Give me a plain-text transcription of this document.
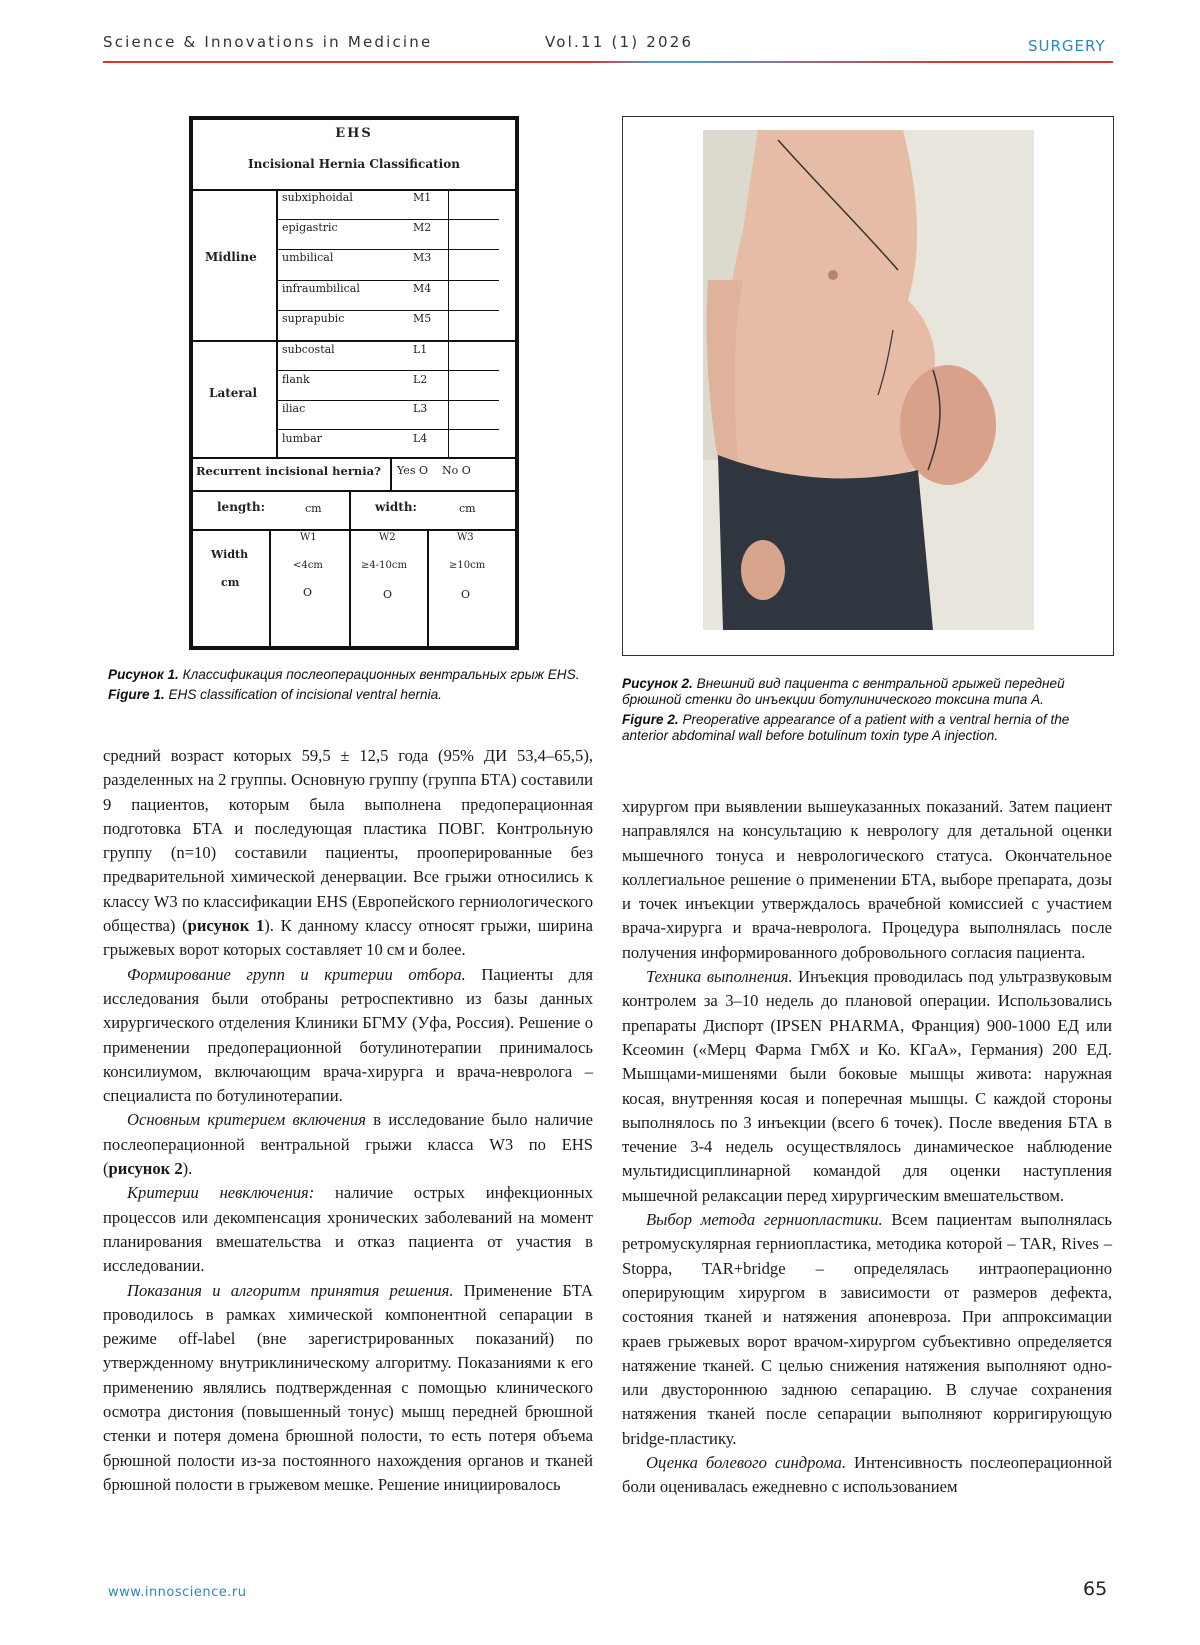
Science & Innovations in Medicine	Vol.11 (1) 2026	SURGERY
EHS
Incisional Hernia Classification
Midline
subxiphoidal	M1
epigastric	M2
umbilical	M3
infraumbilical	M4
suprapubic	M5
Lateral
subcostal	L1
flank	L2
iliac	L3
lumbar	L4
Recurrent incisional hernia? Yes O    No O
length:	cm	width:	cm
Width
cm
W1
<4cm
O
W2
≥4-10cm
O
W3
≥10cm
O
Рисунок 1. Классификация послеоперационных вентральных грыж EHS.
Figure 1. EHS classification of incisional ventral hernia.
Рисунок 2. Внешний вид пациента с вентральной грыжей передней брюшной стенки до инъекции ботулинического токсина типа А.
Figure 2. Preoperative appearance of a patient with a ventral hernia of the anterior abdominal wall before botulinum toxin type A injection.

средний возраст которых 59,5 ± 12,5 года (95% ДИ 53,4–65,5), разделенных на 2 группы. Основную группу (группа БТА) составили 9 пациентов, которым была выполнена предоперационная подготовка БТА и последующая пластика ПОВГ. Контрольную группу (n=10) составили пациенты, прооперированные без предварительной химической денервации. Все грыжи относились к классу W3 по классификации EHS (Европейского герниологического общества) (рисунок 1). К данному классу относят грыжи, ширина грыжевых ворот которых составляет 10 см и более.

Формирование групп и критерии отбора. Пациенты для исследования были отобраны ретроспективно из базы данных хирургического отделения Клиники БГМУ (Уфа, Россия). Решение о применении предоперационной ботулинотерапии принималось консилиумом, включающим врача-хирурга и врача-невролога – специалиста по ботулинотерапии.

Основным критерием включения в исследование было наличие послеоперационной вентральной грыжи класса W3 по EHS (рисунок 2).

Критерии невключения: наличие острых инфекционных процессов или декомпенсация хронических заболеваний на момент планирования вмешательства и отказ пациента от участия в исследовании.

Показания и алгоритм принятия решения. Применение БТА проводилось в рамках химической компонентной сепарации в режиме off-label (вне зарегистрированных показаний) по утвержденному внутриклиническому алгоритму. Показаниями к его применению являлись подтвержденная с помощью клинического осмотра дистония (повышенный тонус) мышц передней брюшной стенки и потеря домена брюшной полости, то есть потеря объема брюшной полости из-за постоянного нахождения органов и тканей брюшной полости в грыжевом мешке. Решение инициировалось

хирургом при выявлении вышеуказанных показаний. Затем пациент направлялся на консультацию к неврологу для детальной оценки мышечного тонуса и неврологического статуса. Окончательное коллегиальное решение о применении БТА, выборе препарата, дозы и точек инъекции утверждалось врачебной комиссией с участием врача-хирурга и врача-невролога. Процедура выполнялась после получения информированного добровольного согласия пациента.

Техника выполнения. Инъекция проводилась под ультразвуковым контролем за 3–10 недель до плановой операции. Использовались препараты Диспорт (IPSEN PHARMA, Франция) 900-1000 ЕД или Ксеомин («Мерц Фарма ГмбХ и Ко. КГаА», Германия) 200 ЕД. Мышцами-мишенями были боковые мышцы живота: наружная косая, внутренняя косая и поперечная мышцы. С каждой стороны выполнялось по 3 инъекции (всего 6 точек). После введения БТА в течение 3-4 недель осуществлялось динамическое наблюдение мультидисциплинарной командой для оценки наступления мышечной релаксации перед хирургическим вмешательством.

Выбор метода герниопластики. Всем пациентам выполнялась ретромускулярная герниопластика, методика которой – TAR, Rives – Stoppa, TAR+bridge – определялась интраоперационно оперирующим хирургом в зависимости от размеров дефекта, состояния тканей и натяжения апоневроза. При аппроксимации краев грыжевых ворот врачом-хирургом субъективно определяется натяжение тканей. С целью снижения натяжения выполняют одно- или двустороннюю заднюю сепарацию. В случае сохранения натяжения тканей после сепарации выполняют корригирующую bridge-пластику.

Оценка болевого синдрома. Интенсивность послеоперационной боли оценивалась ежедневно с использованием

www.innoscience.ru	65
